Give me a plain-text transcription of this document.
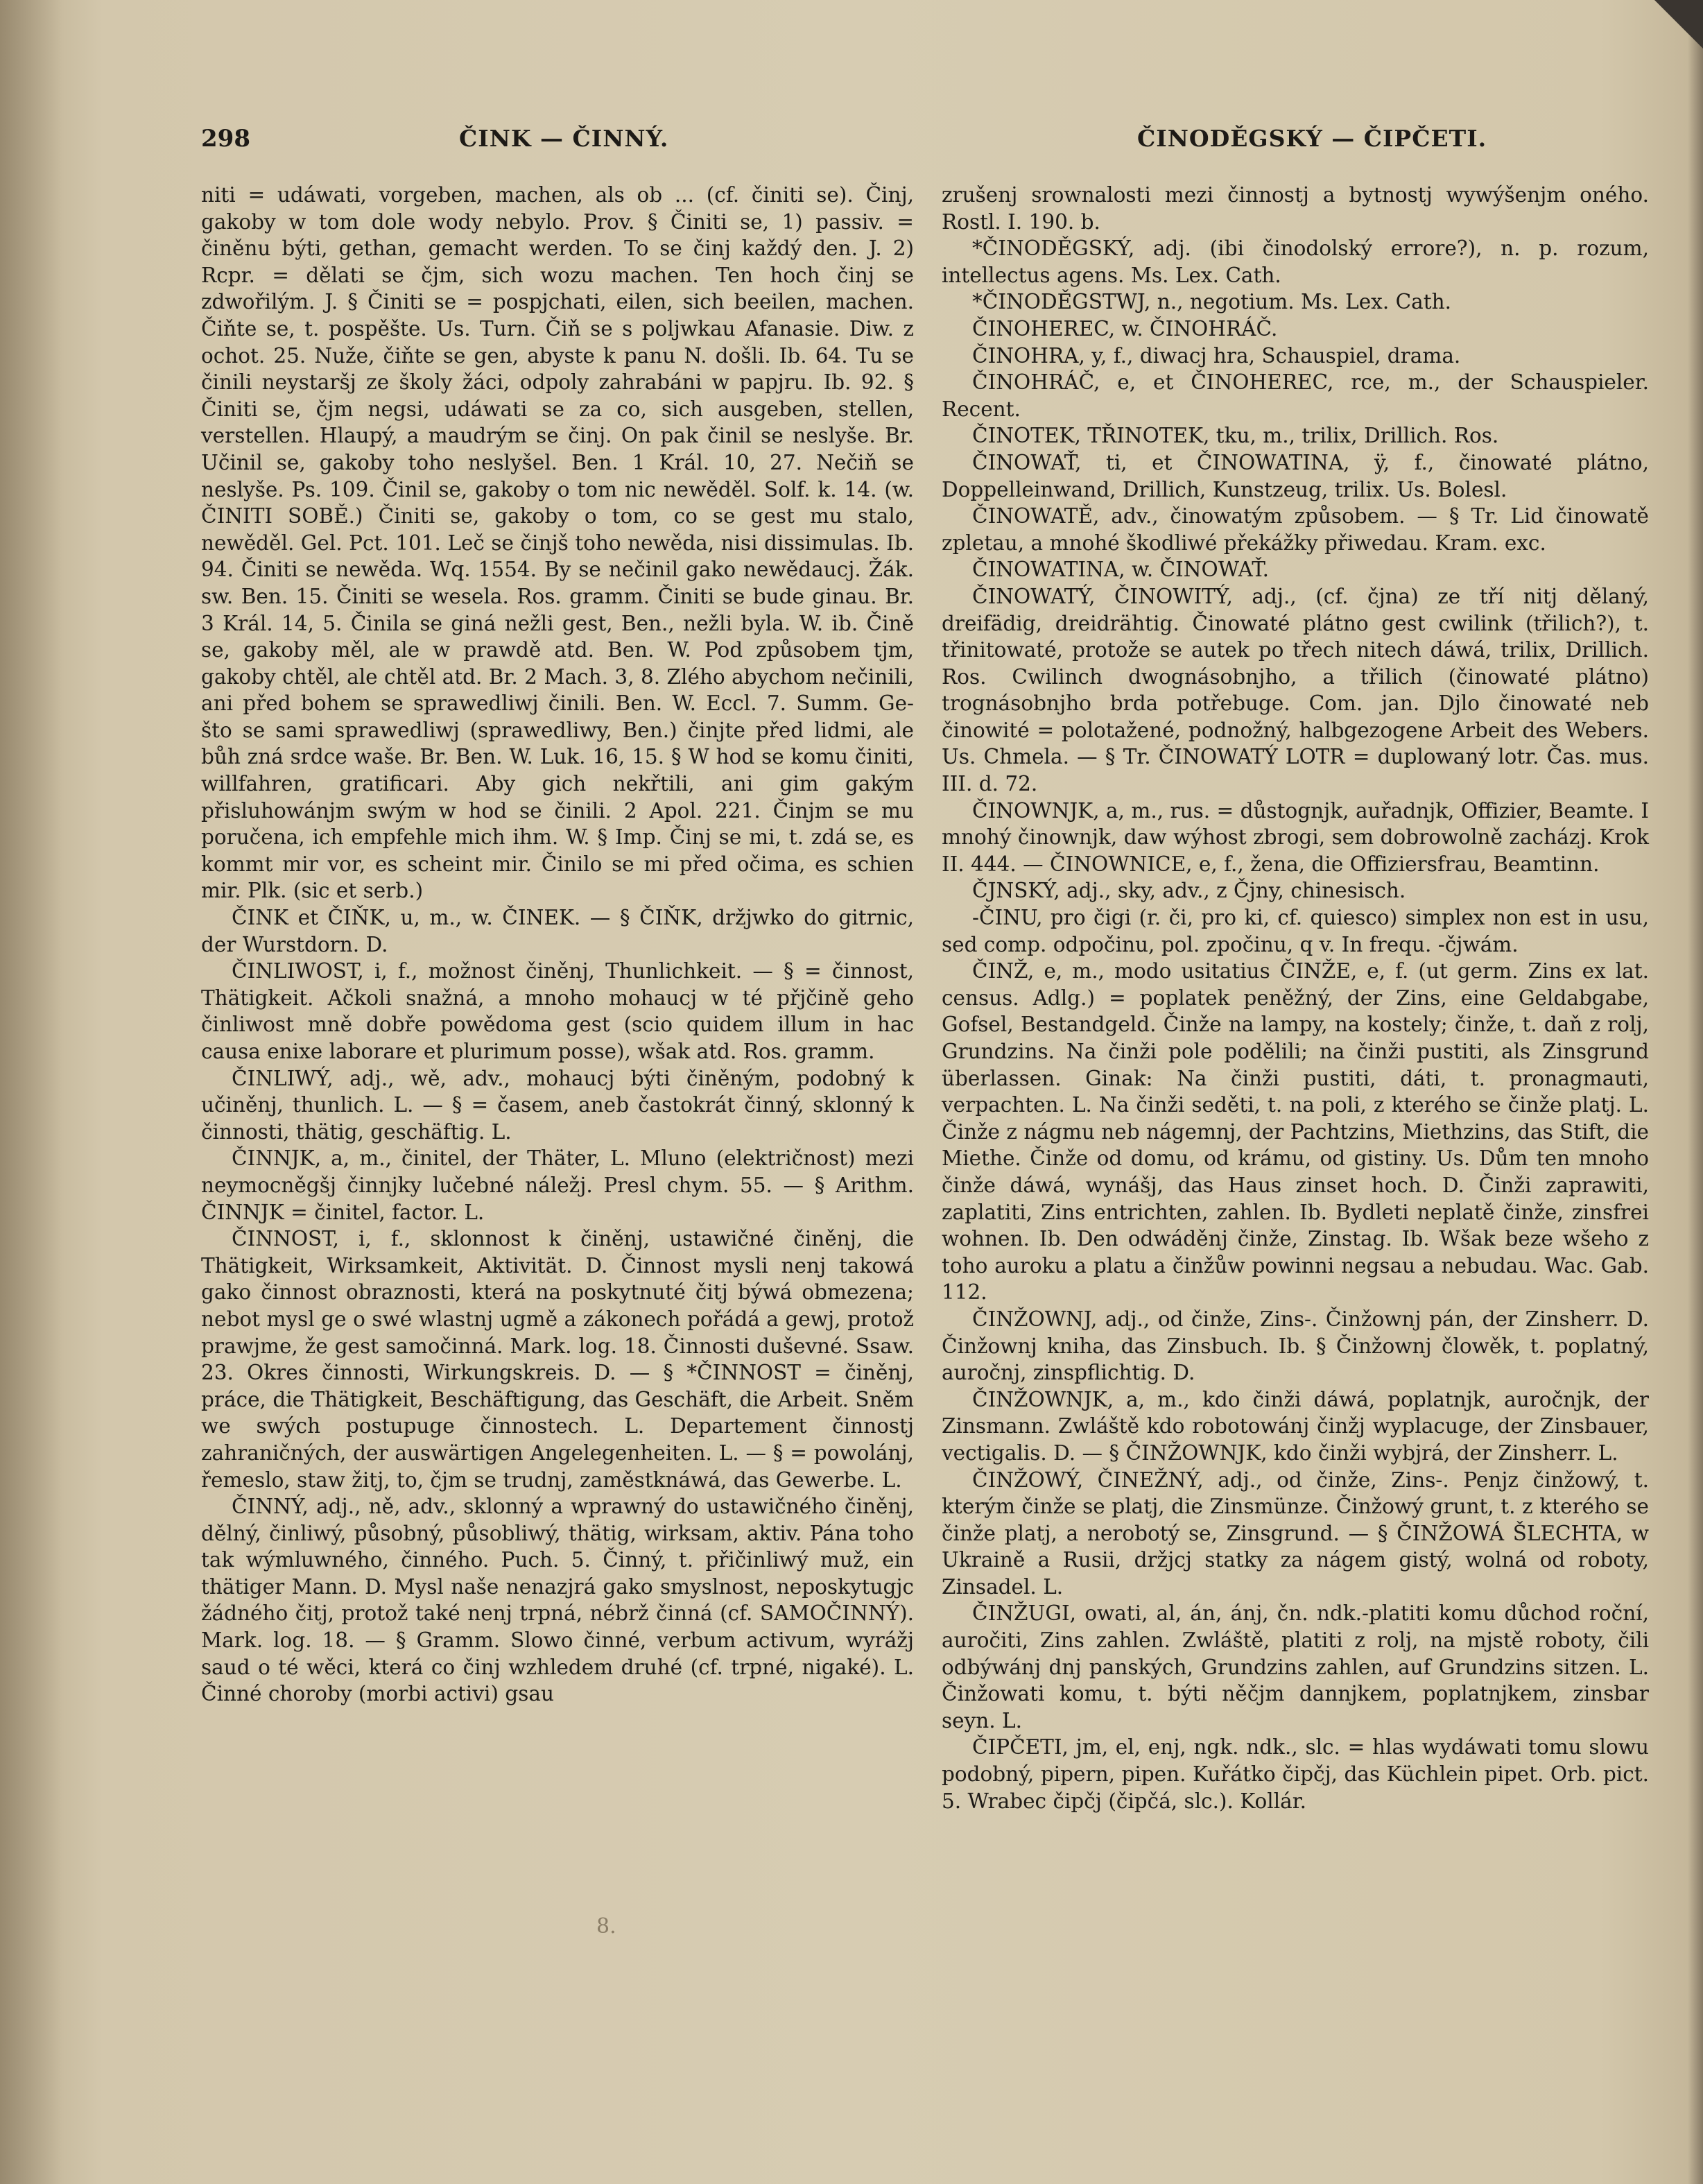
298	ČINK — ČINNÝ.	ČINODĚGSKÝ — ČIPČETI.

niti = udáwati, vorgeben, machen, als ob ... (cf. činiti se). Činj, gakoby w tom dole wody nebylo. Prov. § Činiti se, 1) passiv. = činěnu býti, gethan, gemacht werden. To se činj každý den. J. 2) Rcpr. = dělati se čjm, sich wozu machen. Ten hoch činj se zdwořilým. J. § Činiti se = pospjchati, eilen, sich beeilen, machen. Čiňte se, t. pospěšte. Us. Turn. Čiň se s poljwkau Afanasie. Diw. z ochot. 25. Nuže, čiňte se gen, abyste k panu N. došli. Ib. 64. Tu se činili neystaršj ze školy žáci, odpoly zahrabáni w papjru. Ib. 92. § Činiti se, čjm negsi, udáwati se za co, sich ausgeben, stellen, verstellen. Hlaupý, a maudrým se činj. On pak činil se neslyše. Br. Učinil se, gakoby toho neslyšel. Ben. 1 Král. 10, 27. Nečiň se neslyše. Ps. 109. Činil se, gakoby o tom nic newěděl. Solf. k. 14. (w. ČINITI SOBĚ.) Činiti se, gakoby o tom, co se gest mu stalo, newěděl. Gel. Pct. 101. Leč se činjš toho newěda, nisi dissimulas. Ib. 94. Činiti se newěda. Wq. 1554. By se nečinil gako newědaucj. Žák. sw. Ben. 15. Činiti se wesela. Ros. gramm. Činiti se bude ginau. Br. 3 Král. 14, 5. Činila se giná nežli gest, Ben., nežli byla. W. ib. Čině se, gakoby měl, ale w prawdě atd. Ben. W. Pod způsobem tjm, gakoby chtěl, ale chtěl atd. Br. 2 Mach. 3, 8. Zlého abychom nečinili, ani před bohem se sprawedliwj činili. Ben. W. Eccl. 7. Summ. Ge- što se sami sprawedliwj (sprawedliwy, Ben.) činjte před lidmi, ale bůh zná srdce waše. Br. Ben. W. Luk. 16, 15. § W hod se komu činiti, willfahren, gratificari. Aby gich nekřtili, ani gim gakým přisluhowánjm swým w hod se činili. 2 Apol. 221. Činjm se mu poručena, ich empfehle mich ihm. W. § Imp. Činj se mi, t. zdá se, es kommt mir vor, es scheint mir. Činilo se mi před očima, es schien mir. Plk. (sic et serb.)

ČINK et ČIŇK, u, m., w. ČINEK. — § ČIŇK, držjwko do gitrnic, der Wurstdorn. D.

ČINLIWOST, i, f., možnost činěnj, Thunlichkeit. — § = činnost, Thätigkeit. Ačkoli snažná, a mnoho mohaucj w té přjčině geho činliwost mně dobře powědoma gest (scio quidem illum in hac causa enixe laborare et plurimum posse), wšak atd. Ros. gramm.

ČINLIWÝ, adj., wě, adv., mohaucj býti činěným, podobný k učiněnj, thunlich. L. — § = časem, aneb častokrát činný, sklonný k činnosti, thätig, geschäftig. L.

ČINNJK, a, m., činitel, der Thäter, L. Mluno (električnost) mezi neymocněgšj činnjky lučebné náležj. Presl chym. 55. — § Arithm. ČINNJK = činitel, factor. L.

ČINNOST, i, f., sklonnost k činěnj, ustawičné činěnj, die Thätigkeit, Wirksamkeit, Aktivität. D. Činnost mysli nenj takowá gako činnost obraznosti, která na poskytnuté čitj býwá obmezena; nebot mysl ge o swé wlastnj ugmě a zákonech pořádá a gewj, protož prawjme, že gest samočinná. Mark. log. 18. Činnosti duševné. Ssaw. 23. Okres činnosti, Wirkungskreis. D. — § *ČINNOST = činěnj, práce, die Thätigkeit, Beschäftigung, das Geschäft, die Arbeit. Sněm we swých postupuge činnostech. L. Departement činnostj zahraničných, der auswärtigen Angelegenheiten. L. — § = powolánj, řemeslo, staw žitj, to, čjm se trudnj, zaměstknáwá, das Gewerbe. L.

ČINNÝ, adj., ně, adv., sklonný a wprawný do ustawičného činěnj, dělný, činliwý, působný, působliwý, thätig, wirksam, aktiv. Pána toho tak wýmluwného, činného. Puch. 5. Činný, t. přičinliwý muž, ein thätiger Mann. D. Mysl naše nenazjrá gako smyslnost, neposkytugjc žádného čitj, protož také nenj trpná, nébrž činná (cf. SAMOČINNÝ). Mark. log. 18. — § Gramm. Slowo činné, verbum activum, wyrážj saud o té wěci, která co činj wzhledem druhé (cf. trpné, nigaké). L. Činné choroby (morbi activi) gsau

zrušenj srownalosti mezi činnostj a bytnostj wywýšenjm oného. Rostl. I. 190. b.

*ČINODĚGSKÝ, adj. (ibi činodolský errore?), n. p. rozum, intellectus agens. Ms. Lex. Cath.

*ČINODĚGSTWJ, n., negotium. Ms. Lex. Cath.

ČINOHEREC, w. ČINOHRÁČ.

ČINOHRA, y, f., diwacj hra, Schauspiel, drama.

ČINOHRÁČ, e, et ČINOHEREC, rce, m., der Schauspieler. Recent.

ČINOTEK, TŘINOTEK, tku, m., trilix, Drillich. Ros.

ČINOWAŤ, ti, et ČINOWATINA, ÿ, f., činowaté plátno, Doppelleinwand, Drillich, Kunstzeug, trilix. Us. Bolesl.

ČINOWATĚ, adv., činowatým způsobem. — § Tr. Lid činowatě zpletau, a mnohé škodliwé překážky přiwedau. Kram. exc.

ČINOWATINA, w. ČINOWAŤ.

ČINOWATÝ, ČINOWITÝ, adj., (cf. čjna) ze tří nitj dělaný, dreifädig, dreidrähtig. Činowaté plátno gest cwilink (třilich?), t. třinitowaté, protože se autek po třech nitech dáwá, trilix, Drillich. Ros. Cwilinch dwognásobnjho, a třilich (činowaté plátno) trognásobnjho brda potřebuge. Com. jan. Djlo činowaté neb činowité = polotažené, podnožný, halbgezogene Arbeit des Webers. Us. Chmela. — § Tr. ČINOWATÝ LOTR = duplowaný lotr. Čas. mus. III. d. 72.

ČINOWNJK, a, m., rus. = důstognjk, auřadnjk, Offizier, Beamte. I mnohý činownjk, daw wýhost zbrogi, sem dobrowolně zacházj. Krok II. 444. — ČINOWNICE, e, f., žena, die Offiziersfrau, Beamtinn.

ČJNSKÝ, adj., sky, adv., z Čjny, chinesisch.

-ČINU, pro čigi (r. či, pro ki, cf. quiesco) simplex non est in usu, sed comp. odpočinu, pol. zpočinu, q v. In frequ. -čjwám.

ČINŽ, e, m., modo usitatius ČINŽE, e, f. (ut germ. Zins ex lat. census. Adlg.) = poplatek peněžný, der Zins, eine Geldabgabe, Gofsel, Bestandgeld. Činže na lampy, na kostely; činže, t. daň z rolj, Grundzins. Na činži pole podělili; na činži pustiti, als Zinsgrund überlassen. Ginak: Na činži pustiti, dáti, t. pronagmauti, verpachten. L. Na činži seděti, t. na poli, z kterého se činže platj. L. Činže z nágmu neb nágemnj, der Pachtzins, Miethzins, das Stift, die Miethe. Činže od domu, od krámu, od gistiny. Us. Dům ten mnoho činže dáwá, wynášj, das Haus zinset hoch. D. Činži zaprawiti, zaplatiti, Zins entrichten, zahlen. Ib. Bydleti neplatě činže, zinsfrei wohnen. Ib. Den odwáděnj činže, Zinstag. Ib. Wšak beze wšeho z toho auroku a platu a činžůw powinni negsau a nebudau. Wac. Gab. 112.

ČINŽOWNJ, adj., od činže, Zins-. Činžownj pán, der Zinsherr. D. Činžownj kniha, das Zinsbuch. Ib. § Činžownj člowěk, t. poplatný, auročnj, zinspflichtig. D.

ČINŽOWNJK, a, m., kdo činži dáwá, poplatnjk, auročnjk, der Zinsmann. Zwláště kdo robotowánj činžj wyplacuge, der Zinsbauer, vectigalis. D. — § ČINŽOWNJK, kdo činži wybjrá, der Zinsherr. L.

ČINŽOWÝ, ČINEŽNÝ, adj., od činže, Zins-. Penjz činžowý, t. kterým činže se platj, die Zinsmünze. Činžowý grunt, t. z kterého se činže platj, a nerobotý se, Zinsgrund. — § ČINŽOWÁ ŠLECHTA, w Ukraině a Rusii, držjcj statky za nágem gistý, wolná od roboty, Zinsadel. L.

ČINŽUGI, owati, al, án, ánj, čn. ndk.-platiti komu důchod roční, auročiti, Zins zahlen. Zwláště, platiti z rolj, na mjstě roboty, čili odbýwánj dnj panských, Grundzins zahlen, auf Grundzins sitzen. L. Činžowati komu, t. býti něčjm dannjkem, poplatnjkem, zinsbar seyn. L.

ČIPČETI, jm, el, enj, ngk. ndk., slc. = hlas wydáwati tomu slowu podobný, pipern, pipen. Kuřátko čipčj, das Küchlein pipet. Orb. pict. 5. Wrabec čipčj (čipčá, slc.). Kollár.

8.
